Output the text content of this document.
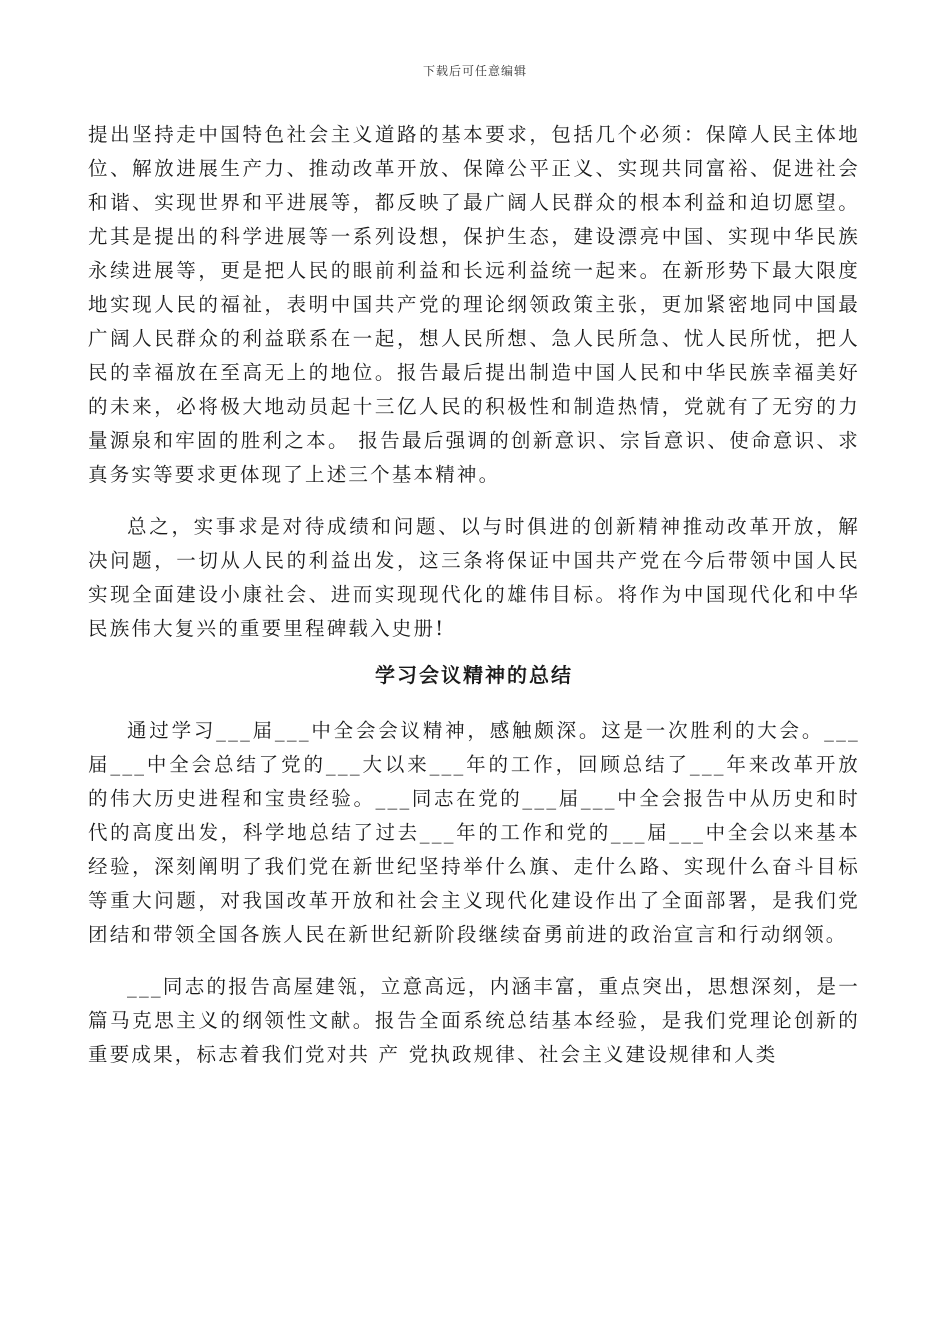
下载后可任意编辑

提出坚持走中国特色社会主义道路的基本要求，包括几个必须：保障人民主体地位、解放进展生产力、推动改革开放、保障公平正义、实现共同富裕、促进社会和谐、实现世界和平进展等，都反映了最广阔人民群众的根本利益和迫切愿望。尤其是提出的科学进展等一系列设想，保护生态，建设漂亮中国、实现中华民族永续进展等，更是把人民的眼前利益和长远利益统一起来。在新形势下最大限度地实现人民的福祉，表明中国共产党的理论纲领政策主张，更加紧密地同中国最广阔人民群众的利益联系在一起，想人民所想、急人民所急、忧人民所忧，把人民的幸福放在至高无上的地位。报告最后提出制造中国人民和中华民族幸福美好的未来，必将极大地动员起十三亿人民的积极性和制造热情，党就有了无穷的力量源泉和牢固的胜利之本。 报告最后强调的创新意识、宗旨意识、使命意识、求真务实等要求更体现了上述三个基本精神。

总之，实事求是对待成绩和问题、以与时俱进的创新精神推动改革开放，解决问题，一切从人民的利益出发，这三条将保证中国共产党在今后带领中国人民实现全面建设小康社会、进而实现现代化的雄伟目标。将作为中国现代化和中华民族伟大复兴的重要里程碑载入史册!

学习会议精神的总结

通过学习___届___中全会会议精神，感触颇深。这是一次胜利的大会。___届___中全会总结了党的___大以来___年的工作，回顾总结了___年来改革开放的伟大历史进程和宝贵经验。___同志在党的___届___中全会报告中从历史和时代的高度出发，科学地总结了过去___年的工作和党的___届___中全会以来基本经验，深刻阐明了我们党在新世纪坚持举什么旗、走什么路、实现什么奋斗目标等重大问题，对我国改革开放和社会主义现代化建设作出了全面部署，是我们党团结和带领全国各族人民在新世纪新阶段继续奋勇前进的政治宣言和行动纲领。

___同志的报告高屋建瓴，立意高远，内涵丰富，重点突出，思想深刻，是一篇马克思主义的纲领性文献。报告全面系统总结基本经验，是我们党理论创新的重要成果，标志着我们党对共 产 党执政规律、社会主义建设规律和人类
